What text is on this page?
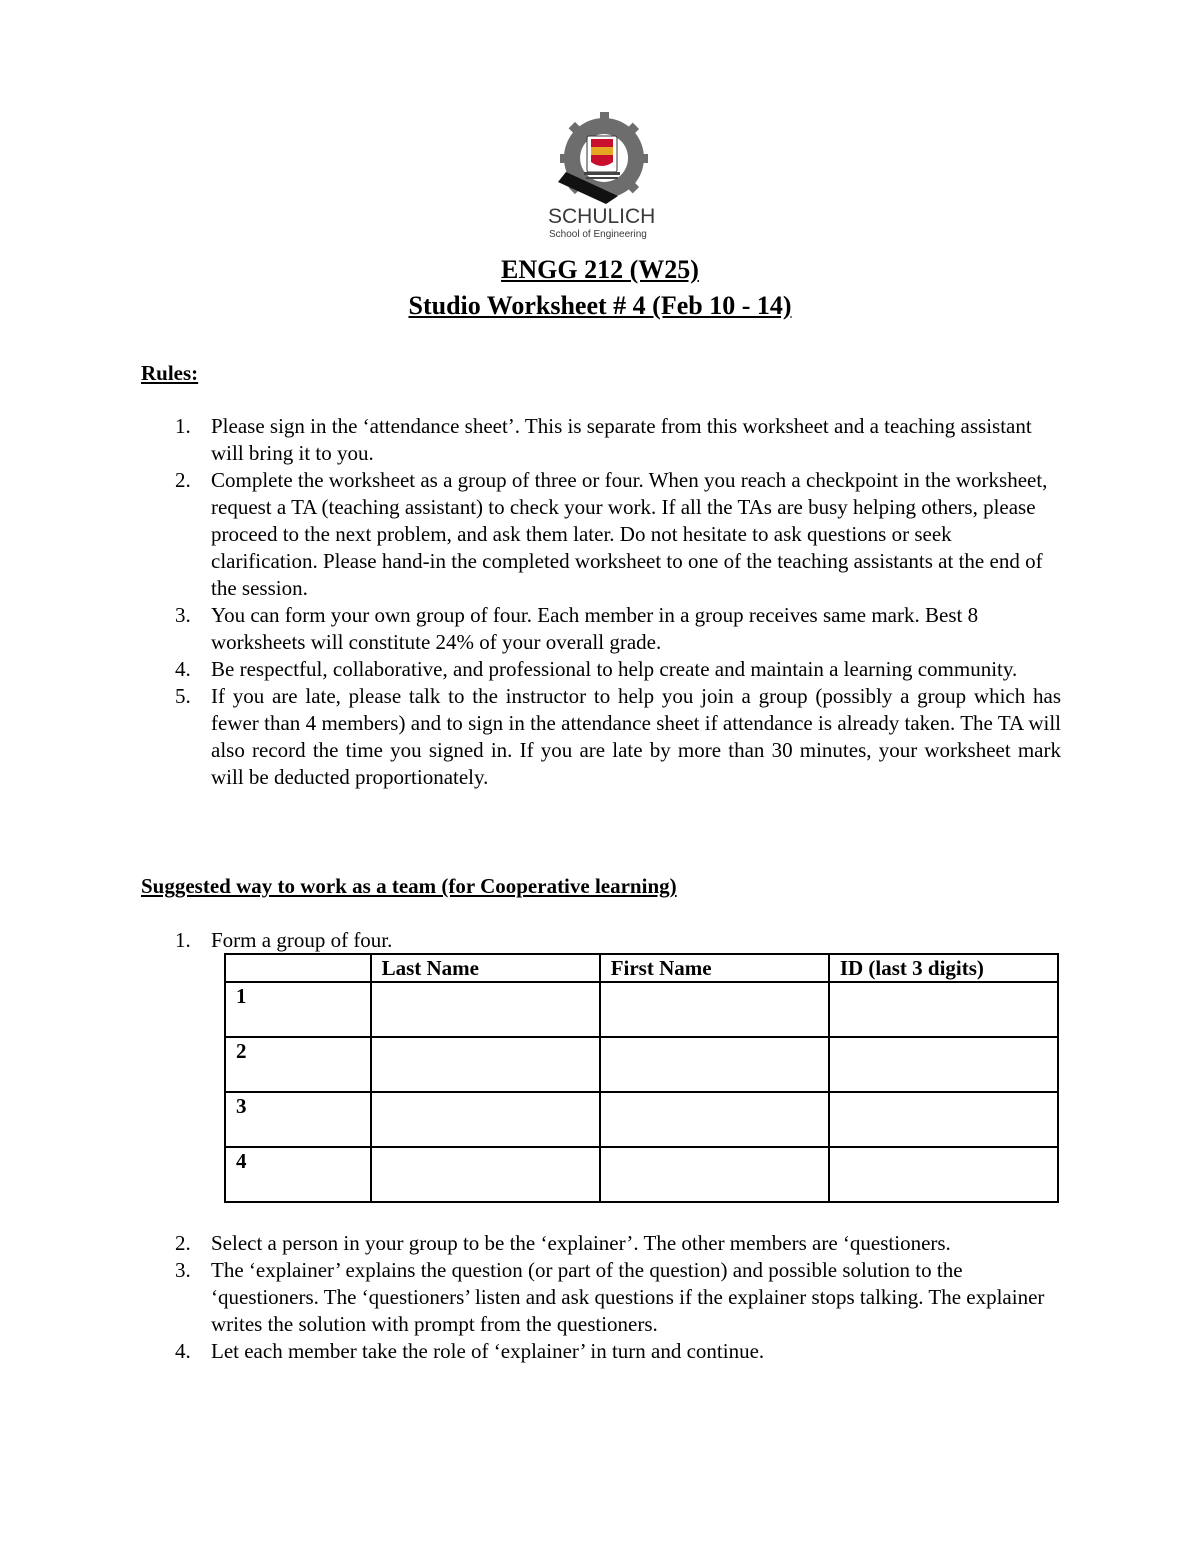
SCHULICH
School of Engineering
ENGG 212 (W25)
Studio Worksheet # 4 (Feb 10 - 14)
Rules:
1. Please sign in the ‘attendance sheet’. This is separate from this worksheet and a teaching assistant will bring it to you.
2. Complete the worksheet as a group of three or four. When you reach a checkpoint in the worksheet, request a TA (teaching assistant) to check your work. If all the TAs are busy helping others, please proceed to the next problem, and ask them later. Do not hesitate to ask questions or seek clarification. Please hand-in the completed worksheet to one of the teaching assistants at the end of the session.
3. You can form your own group of four. Each member in a group receives same mark. Best 8 worksheets will constitute 24% of your overall grade.
4. Be respectful, collaborative, and professional to help create and maintain a learning community.
5. If you are late, please talk to the instructor to help you join a group (possibly a group which has fewer than 4 members) and to sign in the attendance sheet if attendance is already taken. The TA will also record the time you signed in. If you are late by more than 30 minutes, your worksheet mark will be deducted proportionately.
Suggested way to work as a team (for Cooperative learning)
1. Form a group of four.
	Last Name	First Name	ID (last 3 digits)
1			
2			
3			
4			
2. Select a person in your group to be the ‘explainer’. The other members are ‘questioners.
3. The ‘explainer’ explains the question (or part of the question) and possible solution to the ‘questioners. The ‘questioners’ listen and ask questions if the explainer stops talking. The explainer writes the solution with prompt from the questioners.
4. Let each member take the role of ‘explainer’ in turn and continue.
